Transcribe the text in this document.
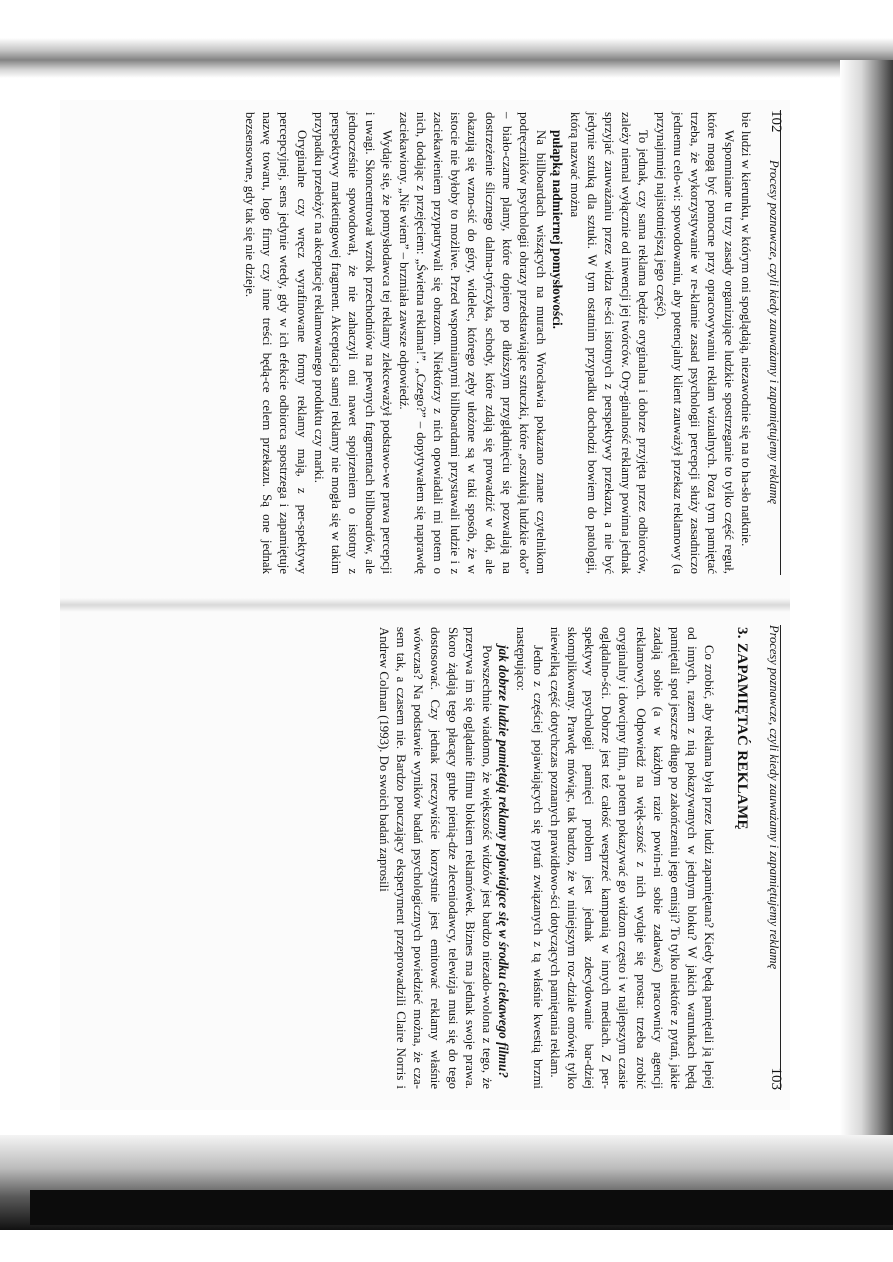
102
Procesy poznawcze, czyli kiedy zauważamy i zapamiętujemy reklamę

bie ludzi w kierunku, w którym oni spoglądają, niezawodnie się na to ha-sło natknie.

Wspomniane tu trzy zasady organizujące ludzkie spostrzeganie to tylko część reguł, które mogą być pomocne przy opracowywaniu reklam wizualnych. Poza tym pamiętać trzeba, że wykorzystywanie w re-klamie zasad psychologii percepcji służy zasadniczo jednemu celo-wi: spowodowaniu, aby potencjalny klient zauważył przekaz reklamowy (a przynajmniej najistotniejszą jego część).

To jednak, czy sama reklama będzie oryginalna i dobrze przyjęta przez odbiorców, zależy niemal wyłącznie od inwencji jej twórców. Ory-ginalność reklamy powinna jednak sprzyjać zauważaniu przez widza te-ści istotnych z perspektywy przekazu, a nie być jedynie sztuką dla sztuki. W tym ostatnim przypadku dochodzi bowiem do patologii, którą nazwać można

pułapką nadmiernej pomysłowości.

Na billboardach wiszących na murach Wrocławia pokazano znane czytelnikom podręczników psychologii obrazy przedstawiające sztuczki, które „oszukują ludzkie oko” – biało-czarne plamy, które dopiero po dłuższym przyglądnięciu się pozwalają na dostrzeżenie ślicznego dalma-tyńczyka, schody, które zdają się prowadzić w dół, ale okazują się wzno-sić do góry, widelec, którego zęby ułożone są w taki sposób, że w istocie nie byłoby to możliwe. Przed wspomnianymi billboardami przystawali ludzie i z zaciekawieniem przypatrywali się obrazom. Niektórzy z nich opowiadali mi potem o nich, dodając z przejęciem: „Świetna reklama!”. „Czego?” – dopytywałem się naprawdę zaciekawiony. „Nie wiem” – brzmiała zawsze odpowiedź.

Wydaje się, że pomysłodawca tej reklamy zlekceważył podstawo-we prawa percepcji i uwagi. Skoncentrował wzrok przechodniów na pewnych fragmentach billboardów, ale jednocześnie spowodował, że nie zahaczyli oni nawet spojrzeniem o istotny z perspektywy marketingowej fragment. Akceptacja samej reklamy nie mogła się w takim przypadku przełożyć na akceptację reklamowanego produktu czy marki.

Oryginalne czy wręcz wyrafinowane formy reklamy mają, z per-spektywy percepcyjnej, sens jedynie wtedy, gdy w ich efekcie odbiorca spostrzega i zapamiętuje nazwę towaru, logo firmy czy inne treści będą-ce celem przekazu. Są one jednak bezsensowne, gdy tak się nie dzieje.

Procesy poznawcze, czyli kiedy zauważamy i zapamiętujemy reklamę
103
3. ZAPAMIĘTAĆ REKLAMĘ

Co zrobić, aby reklama była przez ludzi zapamiętana? Kiedy będą pamiętali ją lepiej od innych, razem z nią pokazywanych w jednym bloku? W jakich warunkach będą pamiętali spot jeszcze długo po zakończeniu jego emisji? To tylko niektóre z pytań, jakie zadają sobie (a w każdym razie powin-ni sobie zadawać) pracownicy agencji reklamowych. Odpowiedź na więk-szość z nich wydaje się prosta: trzeba zrobić oryginalny i dowcipny film, a potem pokazywać go widzom często i w najlepszym czasie oglądalno-ści. Dobrze jest też całość wesprzeć kampanią w innych mediach. Z per-spektywy psychologii pamięci problem jest jednak zdecydowanie bar-dziej skomplikowany. Prawdę mówiąc, tak bardzo, że w niniejszym roz-dziale omówię tylko niewielką część dotychczas poznanych prawidłowo-ści dotyczących pamiętania reklam.

Jedno z częściej pojawiających się pytań związanych z tą właśnie kwestią brzmi następująco:

jak dobrze ludzie pamiętają reklamy pojawiające się w środku ciekawego filmu?

Powszechnie wiadomo, że większość widzów jest bardzo niezado-wolona z tego, że przerywa im się oglądanie filmu blokiem reklamówek. Biznes ma jednak swoje prawa. Skoro żądają tego płacący grube pienią-dze zleceniodawcy, telewizja musi się do tego dostosować. Czy jednak rzeczywiście korzystnie jest emitować reklamy właśnie wówczas? Na podstawie wyników badań psychologicznych powiedzieć można, że cza-sem tak, a czasem nie. Bardzo pouczający eksperyment przeprowadzili Claire Norris i Andrew Colman (1993). Do swoich badań zaprosili
